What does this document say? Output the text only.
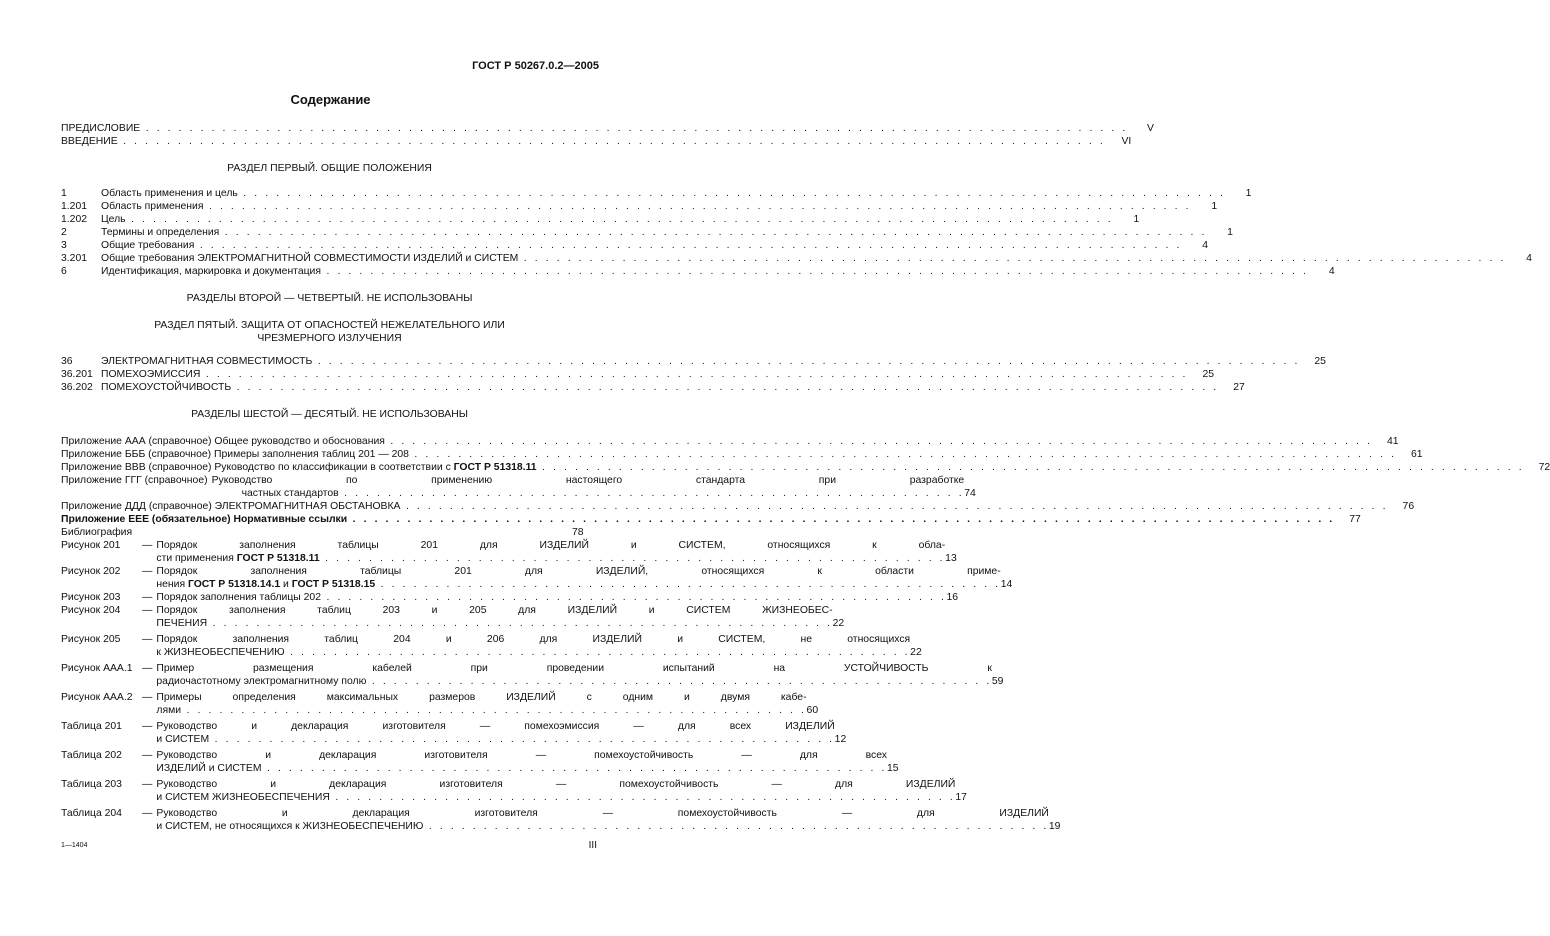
ГОСТ Р 50267.0.2—2005
Содержание
ПРЕДИСЛОВИЕ . . .	V
ВВЕДЕНИЕ . . .	VI
РАЗДЕЛ ПЕРВЫЙ. ОБЩИЕ ПОЛОЖЕНИЯ
1	Область применения и цель . . .	1
1.201	Область применения . . .	1
1.202	Цель . . .	1
2	Термины и определения . . .	1
3	Общие требования . . .	4
3.201	Общие требования ЭЛЕКТРОМАГНИТНОЙ СОВМЕСТИМОСТИ ИЗДЕЛИЙ и СИСТЕМ . . .	4
6	Идентификация, маркировка и документация . . .	4
РАЗДЕЛЫ ВТОРОЙ — ЧЕТВЕРТЫЙ. НЕ ИСПОЛЬЗОВАНЫ
РАЗДЕЛ ПЯТЫЙ. ЗАЩИТА ОТ ОПАСНОСТЕЙ НЕЖЕЛАТЕЛЬНОГО ИЛИ
ЧРЕЗМЕРНОГО ИЗЛУЧЕНИЯ
36	ЭЛЕКТРОМАГНИТНАЯ СОВМЕСТИМОСТЬ . . .	25
36.201 ПОМЕХОЭМИССИЯ . . .	25
36.202 ПОМЕХОУСТОЙЧИВОСТЬ . . .	27
РАЗДЕЛЫ ШЕСТОЙ — ДЕСЯТЫЙ. НЕ ИСПОЛЬЗОВАНЫ
Приложение ААА (справочное) Общее руководство и обоснования . . .	41
Приложение БББ (справочное) Примеры заполнения таблиц 201 — 208 . . .	61
Приложение ВВВ (справочное) Руководство по классификации в соответствии с ГОСТ Р 51318.11 . . .	72
Приложение ГГГ (справочное) Руководство по применению настоящего стандарта при разработке
частных стандартов . . .	74
Приложение ДДД (справочное) ЭЛЕКТРОМАГНИТНАЯ ОБСТАНОВКА . . .	76
Приложение ЕЕЕ (обязательное) Нормативные ссылки . . .	77
Библиография	78
Рисунок 201	— Порядок заполнения таблицы 201 для ИЗДЕЛИЙ и СИСТЕМ, относящихся к обла-
сти применения ГОСТ Р 51318.11 . . .	13
Рисунок 202	— Порядок заполнения таблицы 201 для ИЗДЕЛИЙ, относящихся к области приме-
нения ГОСТ Р 51318.14.1 и ГОСТ Р 51318.15 . . .	14
Рисунок 203	— Порядок заполнения таблицы 202 . . .	16
Рисунок 204	— Порядок заполнения таблиц 203 и 205 для ИЗДЕЛИЙ и СИСТЕМ ЖИЗНЕОБЕС-
ПЕЧЕНИЯ . . .	22
Рисунок 205	— Порядок заполнения таблиц 204 и 206 для ИЗДЕЛИЙ и СИСТЕМ, не относящихся
к ЖИЗНЕОБЕСПЕЧЕНИЮ . . .	22
Рисунок ААА.1 — Пример размещения кабелей при проведении испытаний на УСТОЙЧИВОСТЬ к
радиочастотному электромагнитному полю . . .	59
Рисунок ААА.2 — Примеры определения максимальных размеров ИЗДЕЛИЙ с одним и двумя кабе-
лями . . .	60
Таблица 201	— Руководство и декларация изготовителя — помехоэмиссия — для всех ИЗДЕЛИЙ
и СИСТЕМ . . .	12
Таблица 202	— Руководство и декларация изготовителя — помехоустойчивость — для всех
ИЗДЕЛИЙ и СИСТЕМ . . .	15
Таблица 203	— Руководство и декларация изготовителя — помехоустойчивость — для ИЗДЕЛИЙ
и СИСТЕМ ЖИЗНЕОБЕСПЕЧЕНИЯ . . .	17
Таблица 204	— Руководство и декларация изготовителя — помехоустойчивость — для ИЗДЕЛИЙ
и СИСТЕМ, не относящихся к ЖИЗНЕОБЕСПЕЧЕНИЮ . . .	19
1—1404	III
